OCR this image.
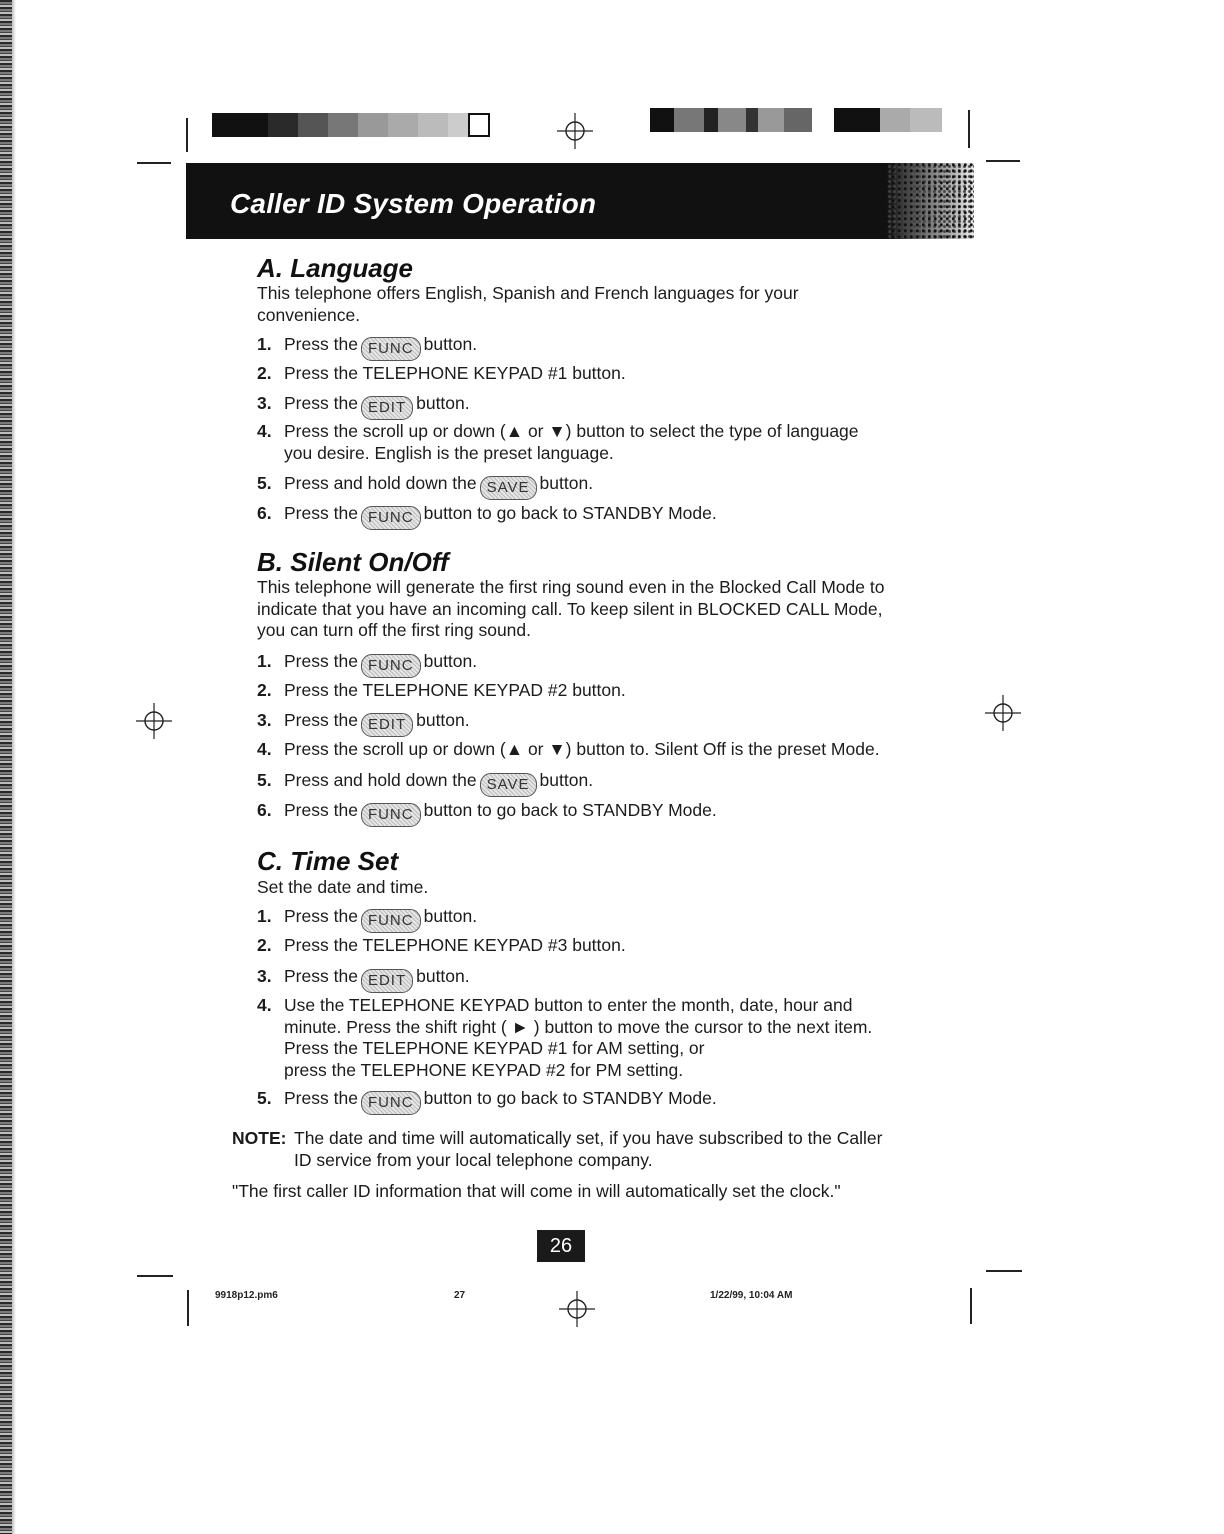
Caller ID System Operation
A. Language

This telephone offers English, Spanish and French languages for your convenience.

1. Press the FUNC button.
2. Press the TELEPHONE KEYPAD #1 button.
3. Press the EDIT button.
4. Press the scroll up or down (▲ or ▼) button to select the type of language
you desire. English is the preset language.
5. Press and hold down the SAVE button.
6. Press the FUNC button to go back to STANDBY Mode.
B. Silent On/Off

This telephone will generate the first ring sound even in the Blocked Call Mode to indicate that you have an incoming call. To keep silent in BLOCKED CALL Mode, you can turn off the first ring sound.

1. Press the FUNC button.
2. Press the TELEPHONE KEYPAD #2 button.
3. Press the EDIT button.
4. Press the scroll up or down (▲ or ▼) button to. Silent Off is the preset Mode.
5. Press and hold down the SAVE button.
6. Press the FUNC button to go back to STANDBY Mode.
C. Time Set

Set the date and time.

1. Press the FUNC button.
2. Press the TELEPHONE KEYPAD #3 button.
3. Press the EDIT button.
4. Use the TELEPHONE KEYPAD button to enter the month, date, hour and
minute. Press the shift right ( ► ) button to move the cursor to the next item.
Press the TELEPHONE KEYPAD #1 for AM setting, or
press the TELEPHONE KEYPAD #2 for PM setting.
5. Press the FUNC button to go back to STANDBY Mode.

NOTE: The date and time will automatically set, if you have subscribed to the Caller ID service from your local telephone company.

"The first caller ID information that will come in will automatically set the clock."

26

9918p12.pm6	27	1/22/99, 10:04 AM
